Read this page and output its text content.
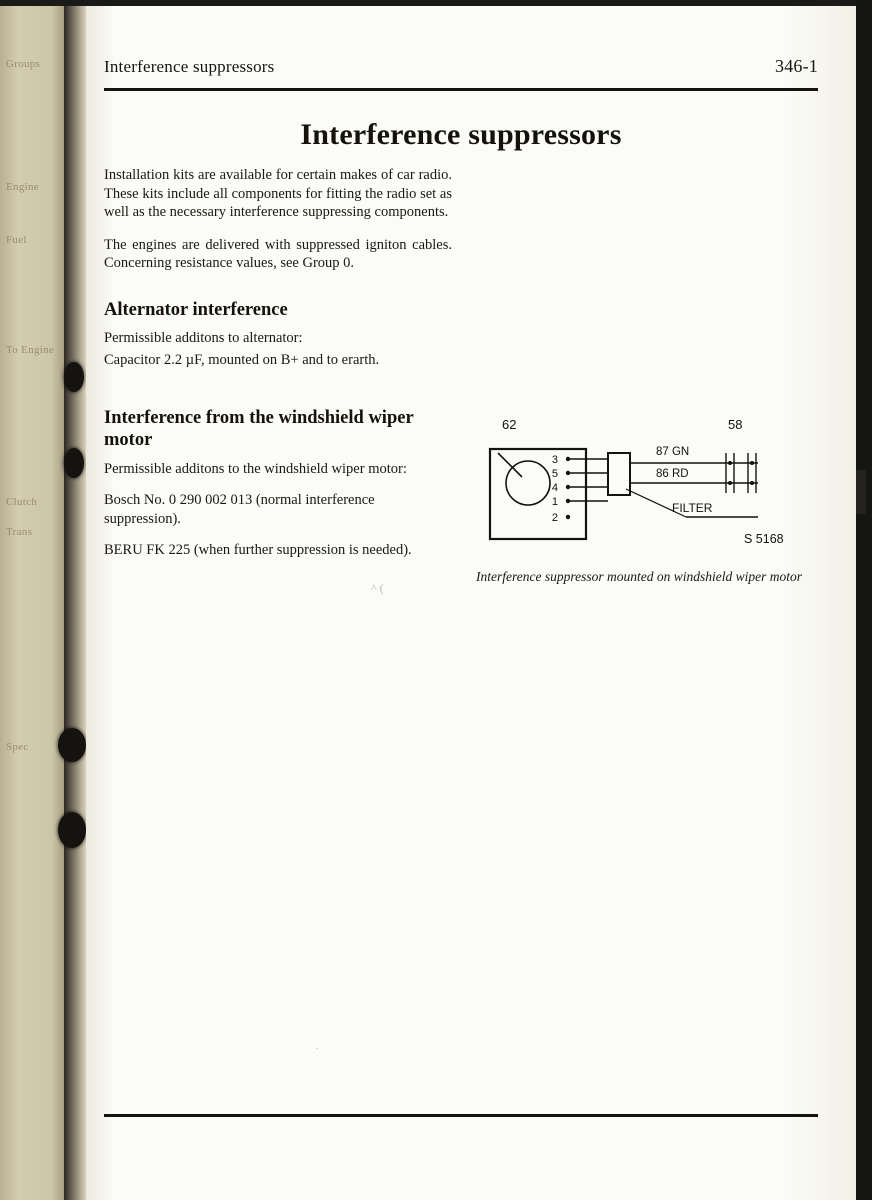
Groups
Engine
Fuel
To Engine
Clutch
Trans
Spec
Interference suppressors	346-1
Interference suppressors

Installation kits are available for certain makes of car radio. These kits include all components for fitting the radio set as well as the necessary interference suppressing components.

The engines are delivered with suppressed igniton cables. Concerning resistance values, see Group 0.

Alternator interference

Permissible additons to alternator:

Capacitor 2.2 µF, mounted on B+ and to erarth.

Interference from the windshield wiper motor

Permissible additons to the windshield wiper motor:

Bosch No. 0 290 002 013 (normal interference suppression).

BERU FK 225 (when further suppression is needed).

3
5
4
1
2
62	58
87 GN
86 RD
FILTER
S 5168
Interference suppressor mounted on windshield wiper motor
^ (
.
